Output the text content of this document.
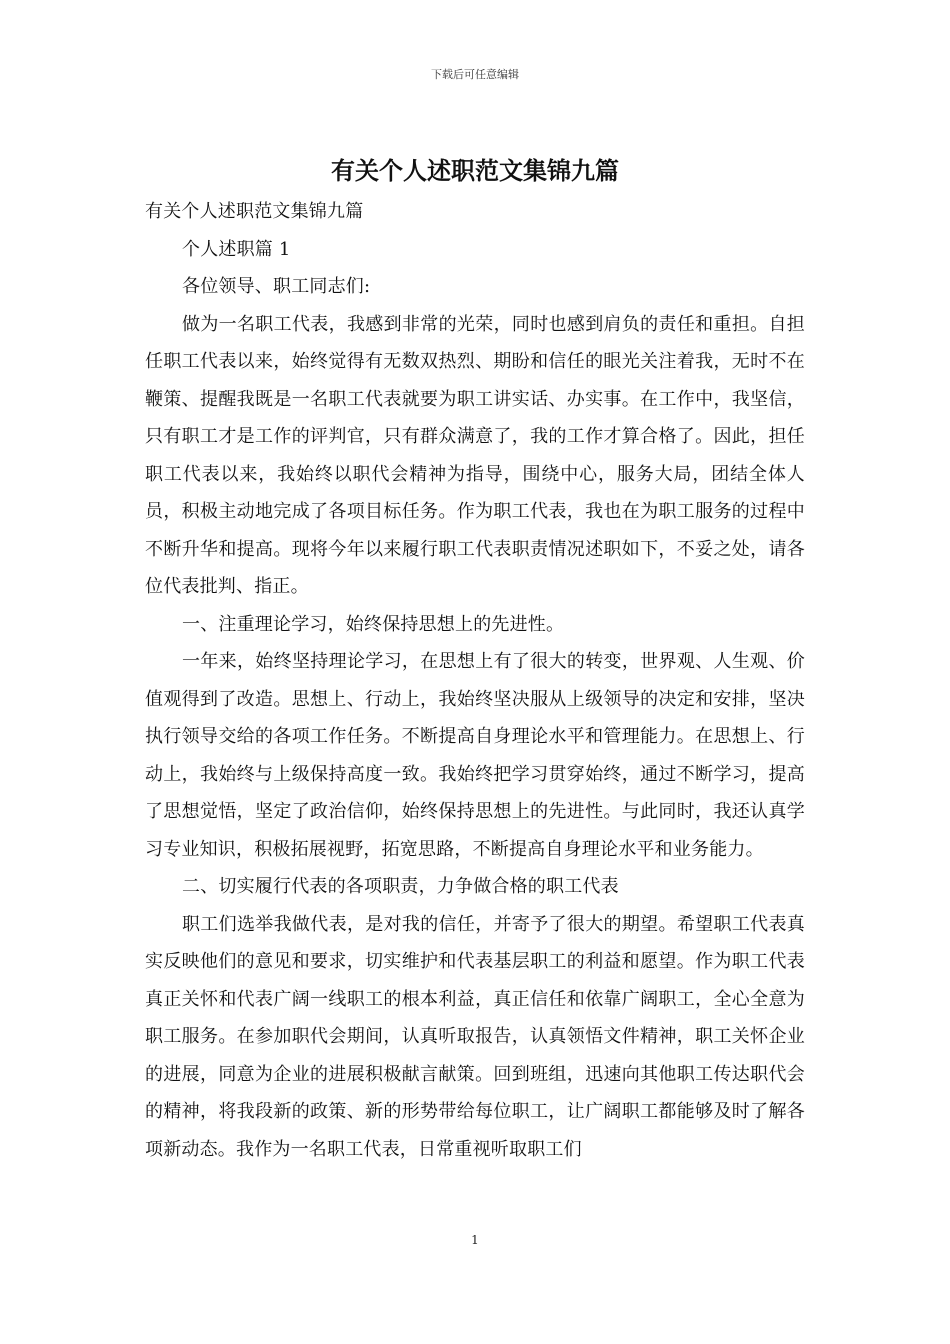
下载后可任意编辑
有关个人述职范文集锦九篇

有关个人述职范文集锦九篇

个人述职篇 1

各位领导、职工同志们:

做为一名职工代表，我感到非常的光荣，同时也感到肩负的责任和重担。自担任职工代表以来，始终觉得有无数双热烈、期盼和信任的眼光关注着我，无时不在鞭策、提醒我既是一名职工代表就要为职工讲实话、办实事。在工作中，我坚信，只有职工才是工作的评判官，只有群众满意了，我的工作才算合格了。因此，担任职工代表以来，我始终以职代会精神为指导，围绕中心，服务大局，团结全体人员，积极主动地完成了各项目标任务。作为职工代表，我也在为职工服务的过程中不断升华和提高。现将今年以来履行职工代表职责情况述职如下，不妥之处，请各位代表批判、指正。

一、注重理论学习，始终保持思想上的先进性。

一年来，始终坚持理论学习，在思想上有了很大的转变，世界观、人生观、价值观得到了改造。思想上、行动上，我始终坚决服从上级领导的决定和安排，坚决执行领导交给的各项工作任务。不断提高自身理论水平和管理能力。在思想上、行动上，我始终与上级保持高度一致。我始终把学习贯穿始终，通过不断学习，提高了思想觉悟，坚定了政治信仰，始终保持思想上的先进性。与此同时，我还认真学习专业知识，积极拓展视野，拓宽思路，不断提高自身理论水平和业务能力。

二、切实履行代表的各项职责，力争做合格的职工代表

职工们选举我做代表，是对我的信任，并寄予了很大的期望。希望职工代表真实反映他们的意见和要求，切实维护和代表基层职工的利益和愿望。作为职工代表真正关怀和代表广阔一线职工的根本利益，真正信任和依靠广阔职工，全心全意为职工服务。在参加职代会期间，认真听取报告，认真领悟文件精神，职工关怀企业的进展，同意为企业的进展积极献言献策。回到班组，迅速向其他职工传达职代会的精神，将我段新的政策、新的形势带给每位职工，让广阔职工都能够及时了解各项新动态。我作为一名职工代表，日常重视听取职工们

1
